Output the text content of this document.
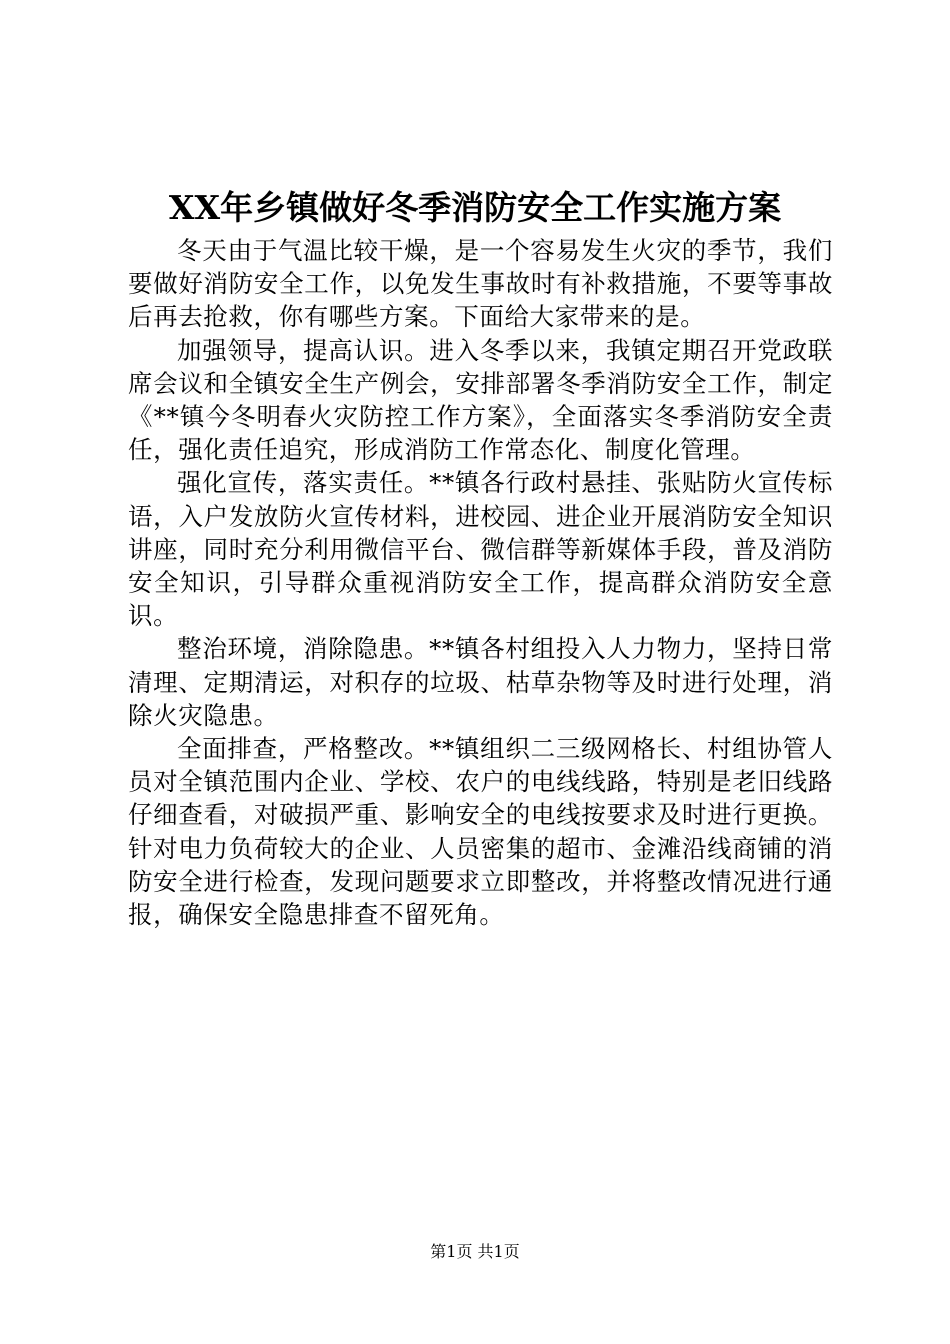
XX年乡镇做好冬季消防安全工作实施方案

冬天由于气温比较干燥，是一个容易发生火灾的季节，我们要做好消防安全工作，以免发生事故时有补救措施，不要等事故后再去抢救，你有哪些方案。下面给大家带来的是。

加强领导，提高认识。进入冬季以来，我镇定期召开党政联席会议和全镇安全生产例会，安排部署冬季消防安全工作，制定《**镇今冬明春火灾防控工作方案》，全面落实冬季消防安全责任，强化责任追究，形成消防工作常态化、制度化管理。

强化宣传，落实责任。**镇各行政村悬挂、张贴防火宣传标语，入户发放防火宣传材料，进校园、进企业开展消防安全知识讲座，同时充分利用微信平台、微信群等新媒体手段，普及消防安全知识，引导群众重视消防安全工作，提高群众消防安全意识。

整治环境，消除隐患。**镇各村组投入人力物力，坚持日常清理、定期清运，对积存的垃圾、枯草杂物等及时进行处理，消除火灾隐患。

全面排查，严格整改。**镇组织二三级网格长、村组协管人员对全镇范围内企业、学校、农户的电线线路，特别是老旧线路仔细查看，对破损严重、影响安全的电线按要求及时进行更换。针对电力负荷较大的企业、人员密集的超市、金滩沿线商铺的消防安全进行检查，发现问题要求立即整改，并将整改情况进行通报，确保安全隐患排查不留死角。

第1页 共1页
